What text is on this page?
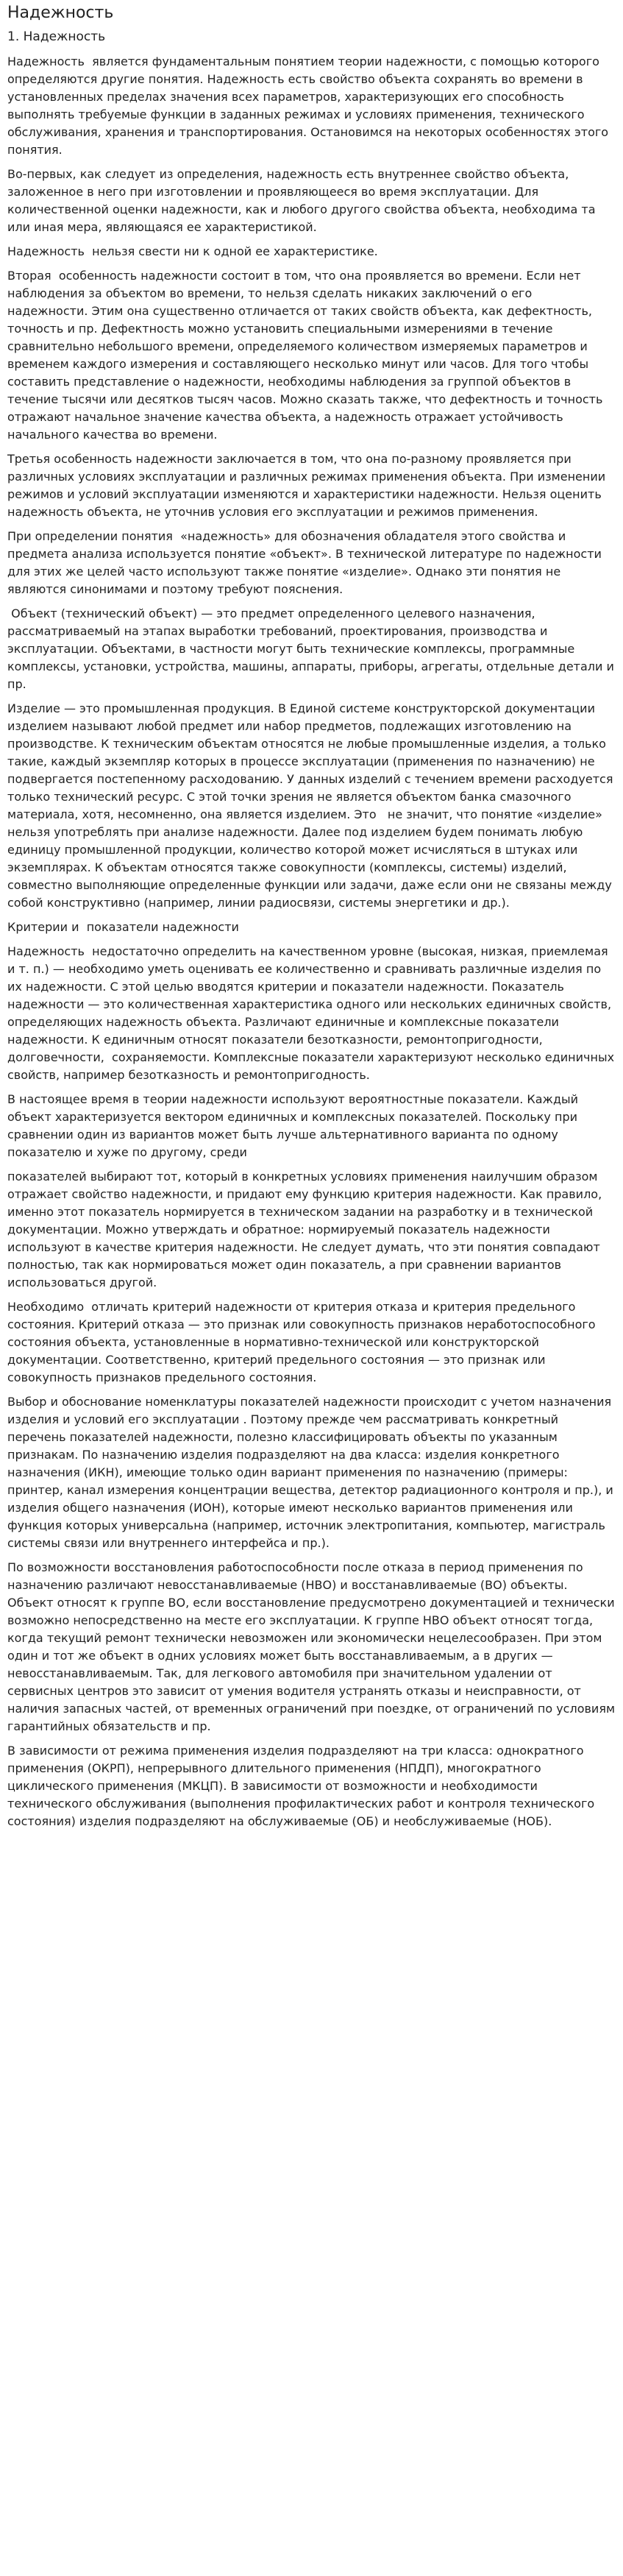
Надежность
1. Надежность

Надежность  является фундаментальным понятием теории надежности, с помощью которого определяются другие понятия. Надежность есть свойство объекта сохранять во времени в установленных пределах значения всех параметров, характеризующих его способность выполнять требуемые функции в заданных режимах и условиях применения, технического обслуживания, хранения и транспортирования. Остановимся на некоторых особенностях этого понятия.

Во-первых, как следует из определения, надежность есть внутреннее свойство объекта, заложенное в него при изготовлении и проявляющееся во время эксплуатации. Для количественной оценки надежности, как и любого другого свойства объекта, необходима та или иная мера, являющаяся ее характеристикой.

Надежность  нельзя свести ни к одной ее характеристике.

Вторая  особенность надежности состоит в том, что она проявляется во времени. Если нет наблюдения за объектом во времени, то нельзя сделать никаких заключений о его надежности. Этим она существенно отличается от таких свойств объекта, как дефектность, точность и пр. Дефектность можно установить специальными измерениями в течение сравнительно небольшого времени, определяемого количеством измеряемых параметров и временем каждого измерения и составляющего несколько минут или часов. Для того чтобы составить представление о надежности, необходимы наблюдения за группой объектов в течение тысячи или десятков тысяч часов. Можно сказать также, что дефектность и точность отражают начальное значение качества объекта, а надежность отражает устойчивость начального качества во времени.

Третья особенность надежности заключается в том, что она по-разному проявляется при различных условиях эксплуатации и различных режимах применения объекта. При изменении режимов и условий эксплуатации изменяются и характеристики надежности. Нельзя оценить надежность объекта, не уточнив условия его эксплуатации и режимов применения.

При определении понятия  «надежность» для обозначения обладателя этого свойства и предмета анализа используется понятие «объект». В технической литературе по надежности для этих же целей часто используют также понятие «изделие». Однако эти понятия не являются синонимами и поэтому требуют пояснения.

Объект (технический объект) — это предмет определенного целевого назначения, рассматриваемый на этапах выработки требований, проектирования, производства и эксплуатации. Объектами, в частности могут быть технические комплексы, программные комплексы, установки, устройства, машины, аппараты, приборы, агрегаты, отдельные детали и пр.

Изделие — это промышленная продукция. В Единой системе конструкторской документации изделием называют любой предмет или набор предметов, подлежащих изготовлению на производстве. К техническим объектам относятся не любые промышленные изделия, а только такие, каждый экземпляр которых в процессе эксплуатации (применения по назначению) не подвергается постепенному расходованию. У данных изделий с течением времени расходуется только технический ресурс. С этой точки зрения не является объектом банка смазочного материала, хотя, несомненно, она является изделием. Это   не значит, что понятие «изделие» нельзя употреблять при анализе надежности. Далее под изделием будем понимать любую единицу промышленной продукции, количество которой может исчисляться в штуках или экземплярах. К объектам относятся также совокупности (комплексы, системы) изделий, совместно выполняющие определенные функции или задачи, даже если они не связаны между собой конструктивно (например, линии радиосвязи, системы энергетики и др.).

Критерии и  показатели надежности

Надежность  недостаточно определить на качественном уровне (высокая, низкая, приемлемая и т. п.) — необходимо уметь оценивать ее количественно и сравнивать различные изделия по их надежности. С этой целью вводятся критерии и показатели надежности. Показатель надежности — это количественная характеристика одного или нескольких единичных свойств, определяющих надежность объекта. Различают единичные и комплексные показатели надежности. К единичным относят показатели безотказности, ремонтопригодности, долговечности,  сохраняемости. Комплексные показатели характеризуют несколько единичных свойств, например безотказность и ремонтопригодность.

В настоящее время в теории надежности используют вероятностные показатели. Каждый объект характеризуется вектором единичных и комплексных показателей. Поскольку при сравнении один из вариантов может быть лучше альтернативного варианта по одному показателю и хуже по другому, среди

показателей выбирают тот, который в конкретных условиях применения наилучшим образом отражает свойство надежности, и придают ему функцию критерия надежности. Как правило, именно этот показатель нормируется в техническом задании на разработку и в технической документации. Можно утверждать и обратное: нормируемый показатель надежности используют в качестве критерия надежности. Не следует думать, что эти понятия совпадают полностью, так как нормироваться может один показатель, а при сравнении вариантов использоваться другой.

Необходимо  отличать критерий надежности от критерия отказа и критерия предельного состояния. Критерий отказа — это признак или совокупность признаков неработоспособного состояния объекта, установленные в нормативно-технической или конструкторской документации. Соответственно, критерий предельного состояния — это признак или совокупность признаков предельного состояния.

Выбор и обоснование номенклатуры показателей надежности происходит с учетом назначения изделия и условий его эксплуатации . Поэтому прежде чем рассматривать конкретный перечень показателей надежности, полезно классифицировать объекты по указанным признакам. По назначению изделия подразделяют на два класса: изделия конкретного назначения (ИКН), имеющие только один вариант применения по назначению (примеры: принтер, канал измерения концентрации вещества, детектор радиационного контроля и пр.), и изделия общего назначения (ИОН), которые имеют несколько вариантов применения или функция которых универсальна (например, источник электропитания, компьютер, магистраль системы связи или внутреннего интерфейса и пр.).

По возможности восстановления работоспособности после отказа в период применения по назначению различают невосстанавливаемые (НВО) и восстанавливаемые (ВО) объекты. Объект относят к группе ВО, если восстановление предусмотрено документацией и технически возможно непосредственно на месте его эксплуатации. К группе НВО объект относят тогда, когда текущий ремонт технически невозможен или экономически нецелесообразен. При этом один и тот же объект в одних условиях может быть восстанавливаемым, а в других — невосстанавливаемым. Так, для легкового автомобиля при значительном удалении от сервисных центров это зависит от умения водителя устранять отказы и неисправности, от наличия запасных частей, от временных ограничений при поездке, от ограничений по условиям гарантийных обязательств и пр.

В зависимости от режима применения изделия подразделяют на три класса: однократного применения (ОКРП), непрерывного длительного применения (НПДП), многократного циклического применения (МКЦП). В зависимости от возможности и необходимости технического обслуживания (выполнения профилактических работ и контроля технического состояния) изделия подразделяют на обслуживаемые (ОБ) и необслуживаемые (НОБ).
